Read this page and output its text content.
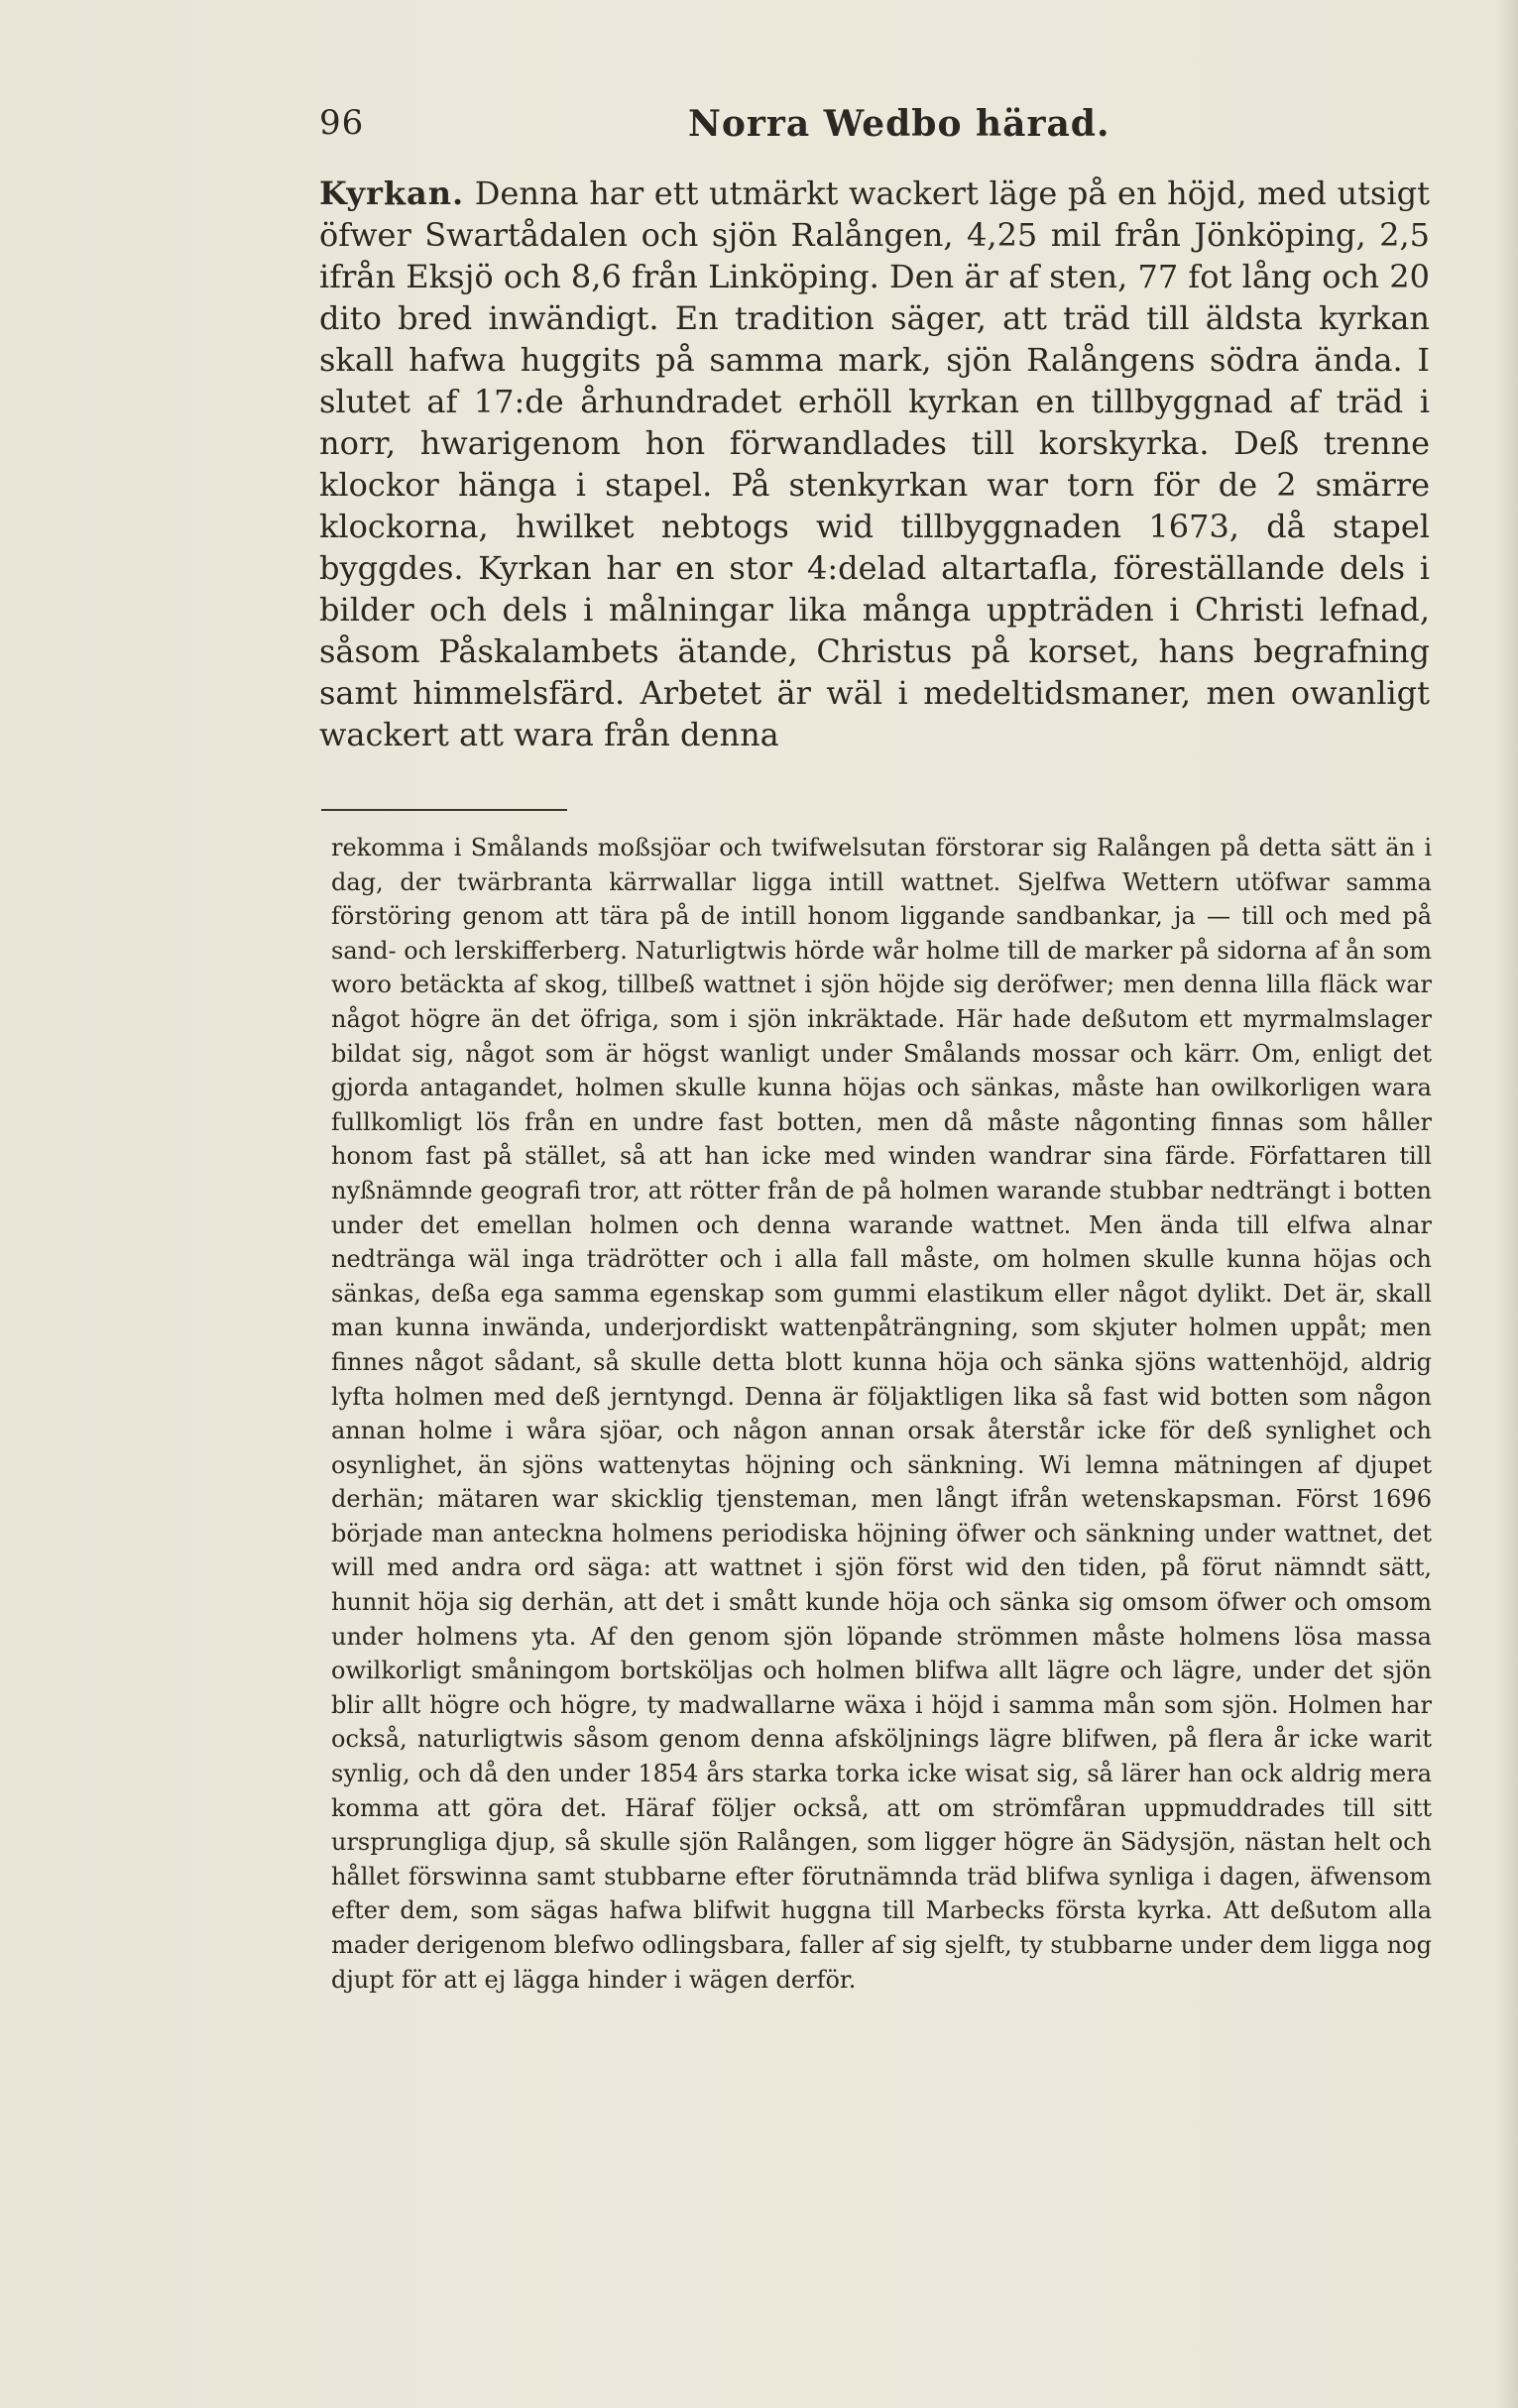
96	Norra Wedbo härad.

Kyrkan. Denna har ett utmärkt wackert läge på en höjd, med utsigt öfwer Swartådalen och sjön Ralången, 4,25 mil från Jönköping, 2,5 ifrån Eksjö och 8,6 från Linköping. Den är af sten, 77 fot lång och 20 dito bred inwändigt. En tradition säger, att träd till äldsta kyrkan skall hafwa huggits på samma mark, sjön Ralångens södra ända. I slutet af 17:de århundradet erhöll kyrkan en tillbyggnad af träd i norr, hwarigenom hon förwandlades till korskyrka. Deß trenne klockor hänga i stapel. På stenkyrkan war torn för de 2 smärre klockorna, hwilket nebtogs wid tillbyggnaden 1673, då stapel byggdes. Kyrkan har en stor 4:delad altartafla, föreställande dels i bilder och dels i målningar lika många uppträden i Christi lefnad, såsom Påskalambets ätande, Christus på korset, hans begrafning samt himmelsfärd. Arbetet är wäl i medeltidsmaner, men owanligt wackert att wara från denna

rekomma i Smålands moßsjöar och twifwelsutan förstorar sig Ralången på detta sätt än i dag, der twärbranta kärrwallar ligga intill wattnet. Sjelfwa Wettern utöfwar samma förstöring genom att tära på de intill honom liggande sandbankar, ja — till och med på sand- och lerskifferberg. Naturligtwis hörde wår holme till de marker på sidorna af ån som woro betäckta af skog, tillbeß wattnet i sjön höjde sig deröfwer; men denna lilla fläck war något högre än det öfriga, som i sjön inkräktade. Här hade deßutom ett myrmalmslager bildat sig, något som är högst wanligt under Smålands mossar och kärr. Om, enligt det gjorda antagandet, holmen skulle kunna höjas och sänkas, måste han owilkorligen wara fullkomligt lös från en undre fast botten, men då måste någonting finnas som håller honom fast på stället, så att han icke med winden wandrar sina färde. Författaren till nyßnämnde geografi tror, att rötter från de på holmen warande stubbar nedträngt i botten under det emellan holmen och denna warande wattnet. Men ända till elfwa alnar nedträngа wäl inga trädrötter och i alla fall måste, om holmen skulle kunna höjas och sänkas, deßa ega samma egenskap som gummi elastikum eller något dylikt. Det är, skall man kunna inwända, underjordiskt wattenpåträngning, som skjuter holmen uppåt; men finnes något sådant, så skulle detta blott kunna höja och sänka sjöns wattenhöjd, aldrig lyfta holmen med deß jerntyngd. Denna är följaktligen lika så fast wid botten som någon annan holme i wåra sjöar, och någon annan orsak återstår icke för deß synlighet och osynlighet, än sjöns wattenytas höjning och sänkning. Wi lemna mätningen af djupet derhän; mätaren war skicklig tjensteman, men långt ifrån wetenskapsman. Först 1696 började man anteckna holmens periodiska höjning öfwer och sänkning under wattnet, det will med andra ord säga: att wattnet i sjön först wid den tiden, på förut nämndt sätt, hunnit höja sig derhän, att det i smått kunde höja och sänka sig omsom öfwer och omsom under holmens yta. Af den genom sjön löpande strömmen måste holmens lösa massa owilkorligt småningom bortsköljas och holmen blifwa allt lägre och lägre, under det sjön blir allt högre och högre, ty madwallarne wäxa i höjd i samma mån som sjön. Holmen har också, naturligtwis såsom genom denna afsköljnings lägre blifwen, på flera år icke warit synlig, och då den under 1854 års starka torka icke wisat sig, så lärer han ock aldrig mera komma att göra det. Häraf följer också, att om strömfåran uppmuddrades till sitt ursprungliga djup, så skulle sjön Ralången, som ligger högre än Sädysjön, nästan helt och hållet förswinna samt stubbarne efter förutnämnda träd blifwa synliga i dagen, äfwensom efter dem, som sägas hafwa blifwit huggna till Marbecks första kyrka. Att deßutom alla mader derigenom blefwo odlingsbara, faller af sig sjelft, ty stubbarne under dem ligga nog djupt för att ej lägga hinder i wägen derför.
